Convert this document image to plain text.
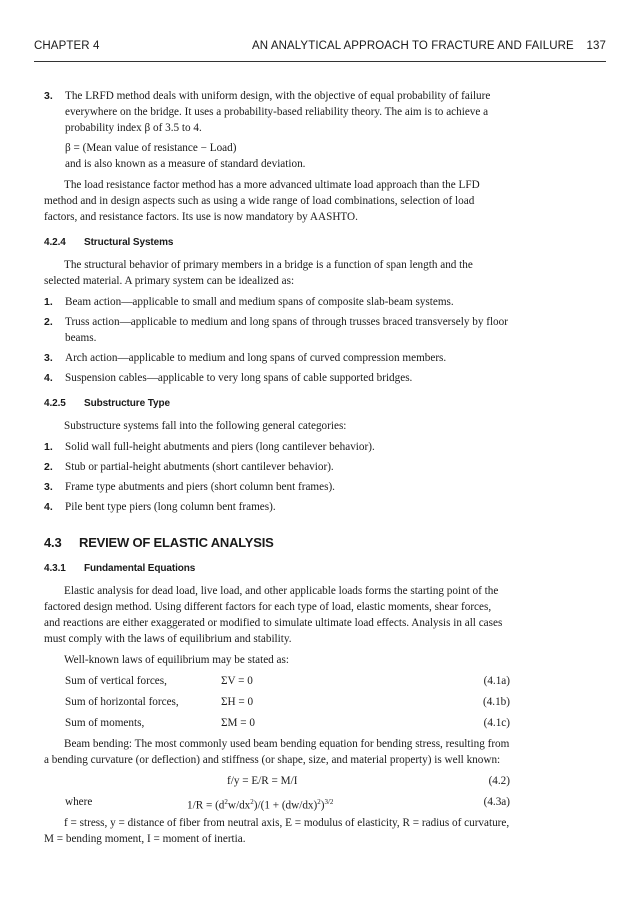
CHAPTER 4	AN ANALYTICAL APPROACH TO FRACTURE AND FAILURE 137
3. The LRFD method deals with uniform design, with the objective of equal probability of failure everywhere on the bridge. It uses a probability-based reliability theory. The aim is to achieve a probability index β of 3.5 to 4.

β = (Mean value of resistance − Load)

and is also known as a measure of standard deviation.

The load resistance factor method has a more advanced ultimate load approach than the LFD method and in design aspects such as using a wide range of load combinations, selection of load factors, and resistance factors. Its use is now mandatory by AASHTO.

4.2.4 Structural Systems

The structural behavior of primary members in a bridge is a function of span length and the selected material. A primary system can be idealized as:

1. Beam action—applicable to small and medium spans of composite slab-beam systems.
2. Truss action—applicable to medium and long spans of through trusses braced transversely by floor beams.
3. Arch action—applicable to medium and long spans of curved compression members.
4. Suspension cables—applicable to very long spans of cable supported bridges.
4.2.5 Substructure Type

Substructure systems fall into the following general categories:

1. Solid wall full-height abutments and piers (long cantilever behavior).
2. Stub or partial-height abutments (short cantilever behavior).
3. Frame type abutments and piers (short column bent frames).
4. Pile bent type piers (long column bent frames).
4.3 REVIEW OF ELASTIC ANALYSIS
4.3.1 Fundamental Equations

Elastic analysis for dead load, live load, and other applicable loads forms the starting point of the factored design method. Using different factors for each type of load, elastic moments, shear forces, and reactions are either exaggerated or modified to simulate ultimate load effects. Analysis in all cases must comply with the laws of equilibrium and stability.

Well-known laws of equilibrium may be stated as:

Sum of vertical forces,	ΣV = 0	(4.1a)
Sum of horizontal forces,	ΣH = 0	(4.1b)
Sum of moments,	ΣM = 0	(4.1c)

Beam bending: The most commonly used beam bending equation for bending stress, resulting from a bending curvature (or deflection) and stiffness (or shape, size, and material property) is well known:

f/y = E/R = M/I	(4.2)
where	$1/R = (d^2w/dx^2)/(1 + (dw/dx)^2)^{3/2}$	(4.3a)

f = stress, y = distance of fiber from neutral axis, E = modulus of elasticity, R = radius of curvature, M = bending moment, I = moment of inertia.
